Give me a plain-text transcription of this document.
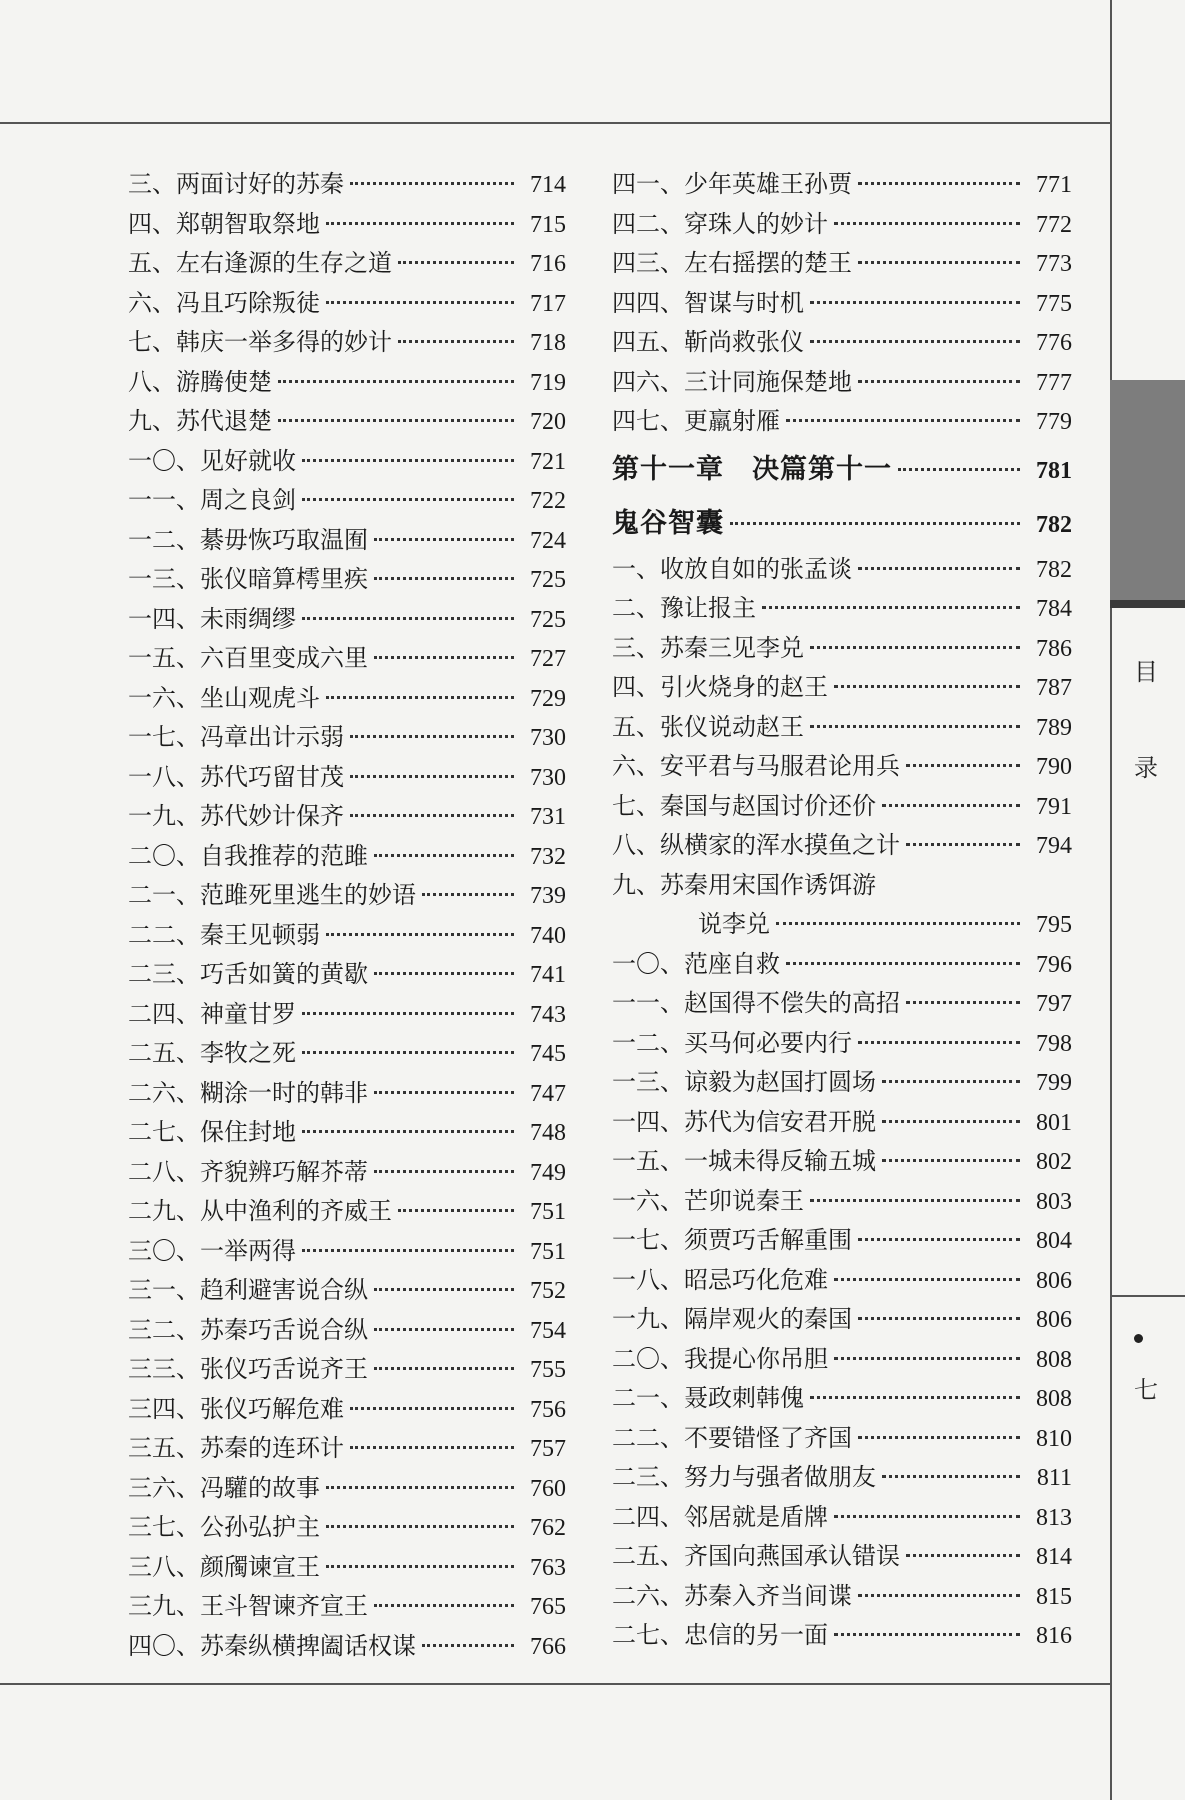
三、两面讨好的苏秦	714
四、郑朝智取祭地	715
五、左右逢源的生存之道	716
六、冯且巧除叛徒	717
七、韩庆一举多得的妙计	718
八、游腾使楚	719
九、苏代退楚	720
一〇、见好就收	721
一一、周之良剑	722
一二、綦毋恢巧取温囿	724
一三、张仪暗算樗里疾	725
一四、未雨绸缪	725
一五、六百里变成六里	727
一六、坐山观虎斗	729
一七、冯章出计示弱	730
一八、苏代巧留甘茂	730
一九、苏代妙计保齐	731
二〇、自我推荐的范雎	732
二一、范雎死里逃生的妙语	739
二二、秦王见顿弱	740
二三、巧舌如簧的黄歇	741
二四、神童甘罗	743
二五、李牧之死	745
二六、糊涂一时的韩非	747
二七、保住封地	748
二八、齐貌辨巧解芥蒂	749
二九、从中渔利的齐威王	751
三〇、一举两得	751
三一、趋利避害说合纵	752
三二、苏秦巧舌说合纵	754
三三、张仪巧舌说齐王	755
三四、张仪巧解危难	756
三五、苏秦的连环计	757
三六、冯驩的故事	760
三七、公孙弘护主	762
三八、颜斶谏宣王	763
三九、王斗智谏齐宣王	765
四〇、苏秦纵横捭阖话权谋	766
四一、少年英雄王孙贾	771
四二、穿珠人的妙计	772
四三、左右摇摆的楚王	773
四四、智谋与时机	775
四五、靳尚救张仪	776
四六、三计同施保楚地	777
四七、更羸射雁	779
第十一章　决篇第十一	781
鬼谷智囊	782
一、收放自如的张孟谈	782
二、豫让报主	784
三、苏秦三见李兑	786
四、引火烧身的赵王	787
五、张仪说动赵王	789
六、安平君与马服君论用兵	790
七、秦国与赵国讨价还价	791
八、纵横家的浑水摸鱼之计	794
九、苏秦用宋国作诱饵游
说李兑	795
一〇、范座自救	796
一一、赵国得不偿失的高招	797
一二、买马何必要内行	798
一三、谅毅为赵国打圆场	799
一四、苏代为信安君开脱	801
一五、一城未得反输五城	802
一六、芒卯说秦王	803
一七、须贾巧舌解重围	804
一八、昭忌巧化危难	806
一九、隔岸观火的秦国	806
二〇、我提心你吊胆	808
二一、聂政刺韩傀	808
二二、不要错怪了齐国	810
二三、努力与强者做朋友	811
二四、邻居就是盾牌	813
二五、齐国向燕国承认错误	814
二六、苏秦入齐当间谍	815
二七、忠信的另一面	816
目
录
七
